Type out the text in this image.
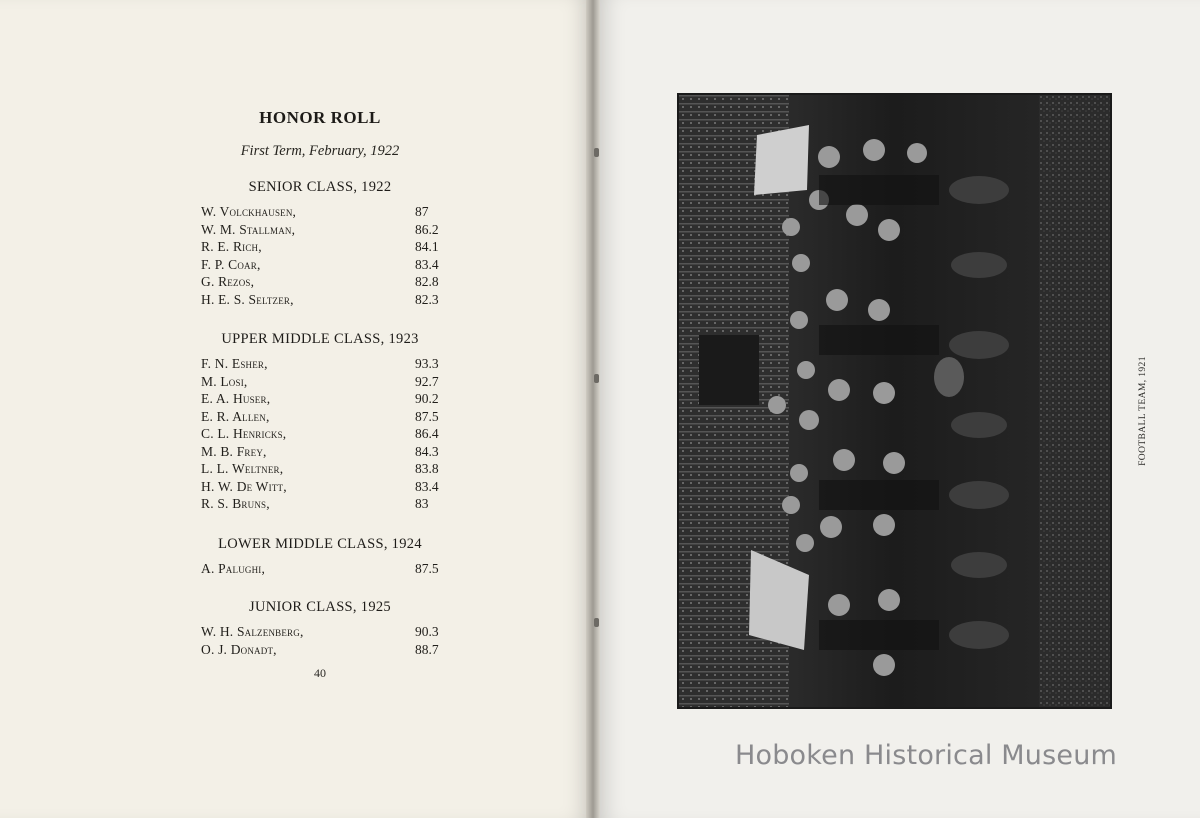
HONOR ROLL
First Term, February, 1922
SENIOR CLASS, 1922
W. Volckhausen,	87
W. M. Stallman,	86.2
R. E. Rich,	84.1
F. P. Coar,	83.4
G. Rezos,	82.8
H. E. S. Seltzer,	82.3
UPPER MIDDLE CLASS, 1923
F. N. Esher,	93.3
M. Losi,	92.7
E. A. Huser,	90.2
E. R. Allen,	87.5
C. L. Henricks,	86.4
M. B. Frey,	84.3
L. L. Weltner,	83.8
H. W. De Witt,	83.4
R. S. Bruns,	83
LOWER MIDDLE CLASS, 1924
A. Palughi,	87.5
JUNIOR CLASS, 1925
W. H. Salzenberg,	90.3
O. J. Donadt,	88.7
40
FOOTBALL TEAM, 1921
Hoboken Historical Museum
